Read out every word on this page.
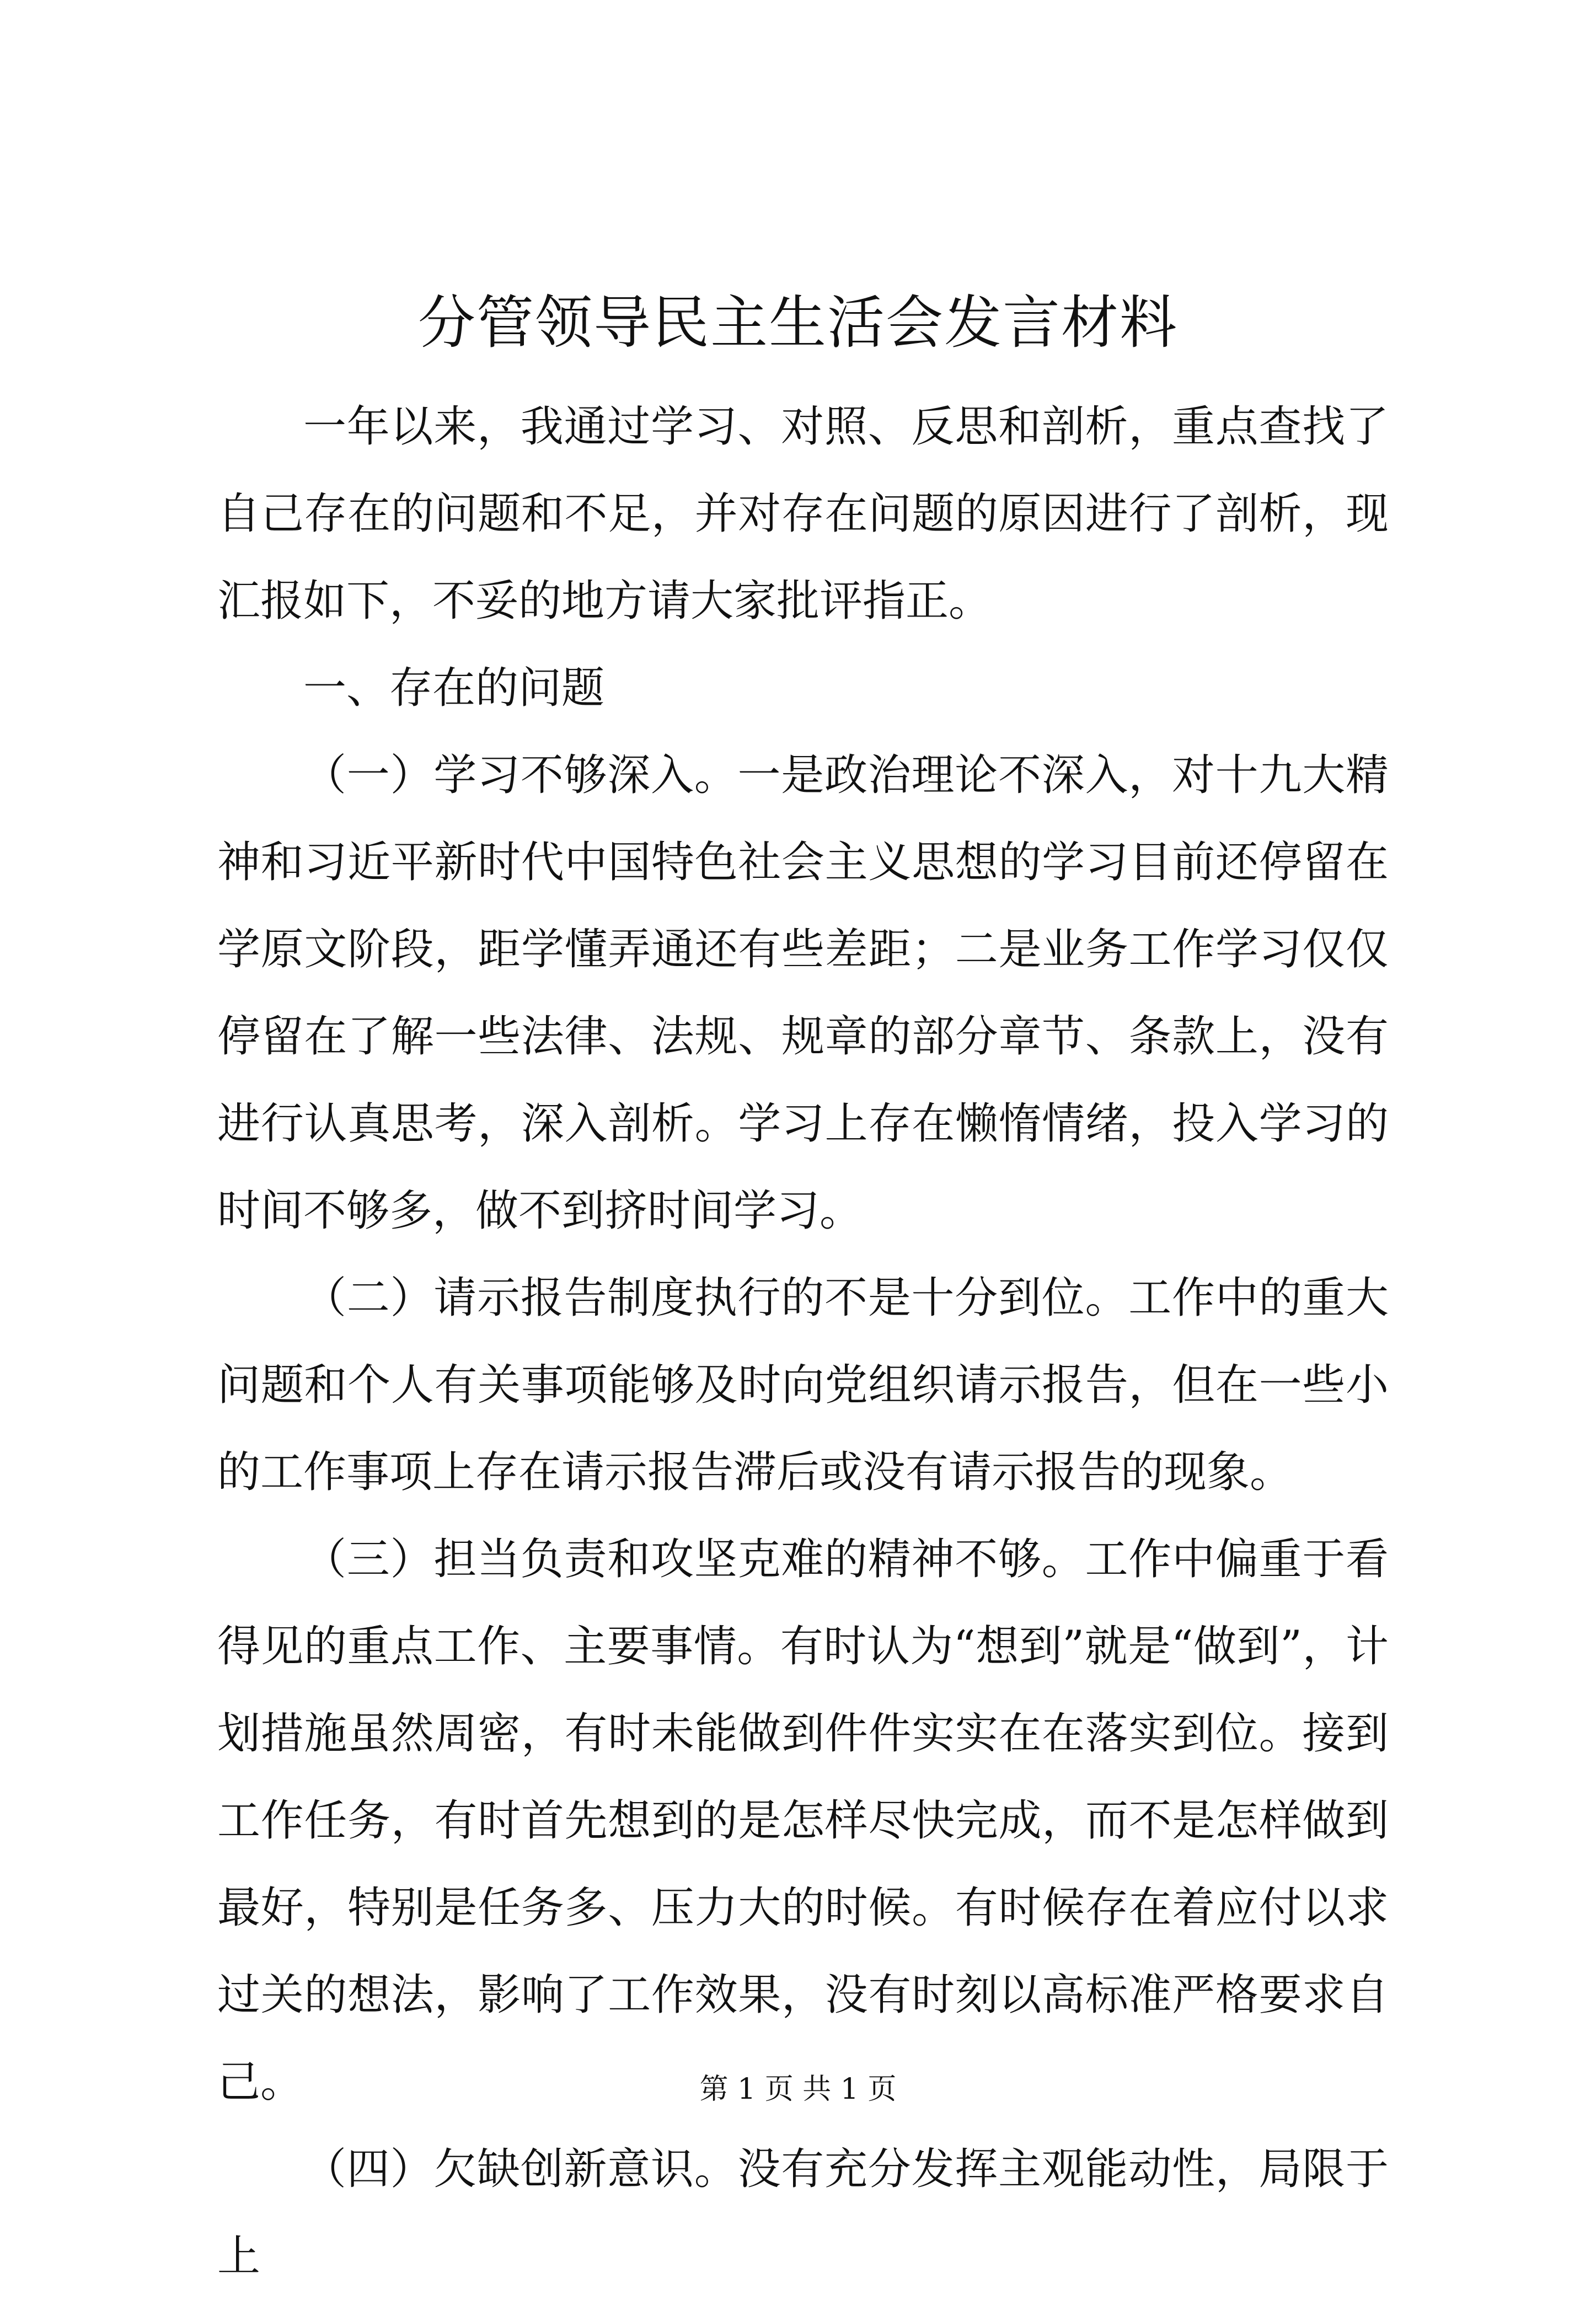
分管领导民主生活会发言材料

一年以来，我通过学习、对照、反思和剖析，重点查找了自己存在的问题和不足，并对存在问题的原因进行了剖析，现汇报如下，不妥的地方请大家批评指正。

一、存在的问题

（一）学习不够深入。一是政治理论不深入，对十九大精神和习近平新时代中国特色社会主义思想的学习目前还停留在学原文阶段，距学懂弄通还有些差距；二是业务工作学习仅仅停留在了解一些法律、法规、规章的部分章节、条款上，没有进行认真思考，深入剖析。学习上存在懒惰情绪，投入学习的时间不够多，做不到挤时间学习。

（二）请示报告制度执行的不是十分到位。工作中的重大问题和个人有关事项能够及时向党组织请示报告，但在一些小的工作事项上存在请示报告滞后或没有请示报告的现象。

（三）担当负责和攻坚克难的精神不够。工作中偏重于看得见的重点工作、主要事情。有时认为“想到”就是“做到”，计划措施虽然周密，有时未能做到件件实实在在落实到位。接到工作任务，有时首先想到的是怎样尽快完成，而不是怎样做到最好，特别是任务多、压力大的时候。有时候存在着应付以求过关的想法，影响了工作效果，没有时刻以高标准严格要求自己。

（四）欠缺创新意识。没有充分发挥主观能动性，局限于上

第 1 页 共 1 页
